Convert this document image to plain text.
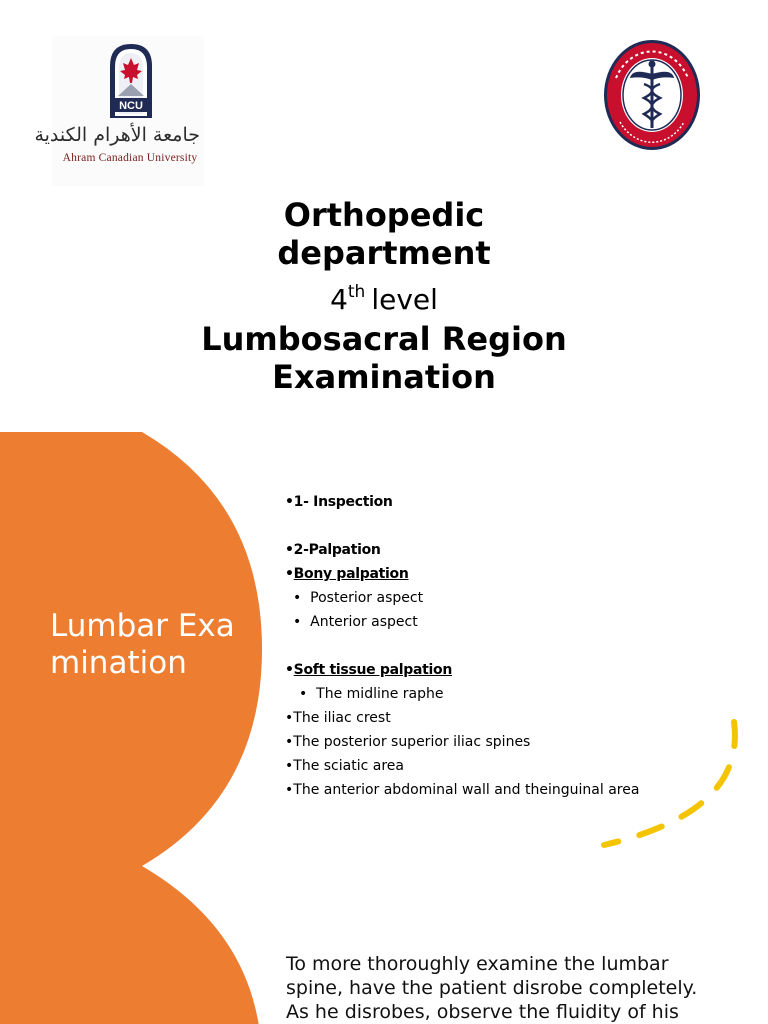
NCU
جامعة الأهرام الكندية
Ahram Canadian University
Orthopedic
department
4th level
Lumbosacral Region
Examination
Lumbar Examination
•1- Inspection
•2-Palpation
•Bony palpation
• Posterior aspect
• Anterior aspect
•Soft tissue palpation
• The midline raphe
•The iliac crest
•The posterior superior iliac spines
•The sciatic area
•The anterior abdominal wall and theinguinal area
To more thoroughly examine the lumbar spine, have the patient disrobe completely. As he disrobes, observe the fluidity of his
